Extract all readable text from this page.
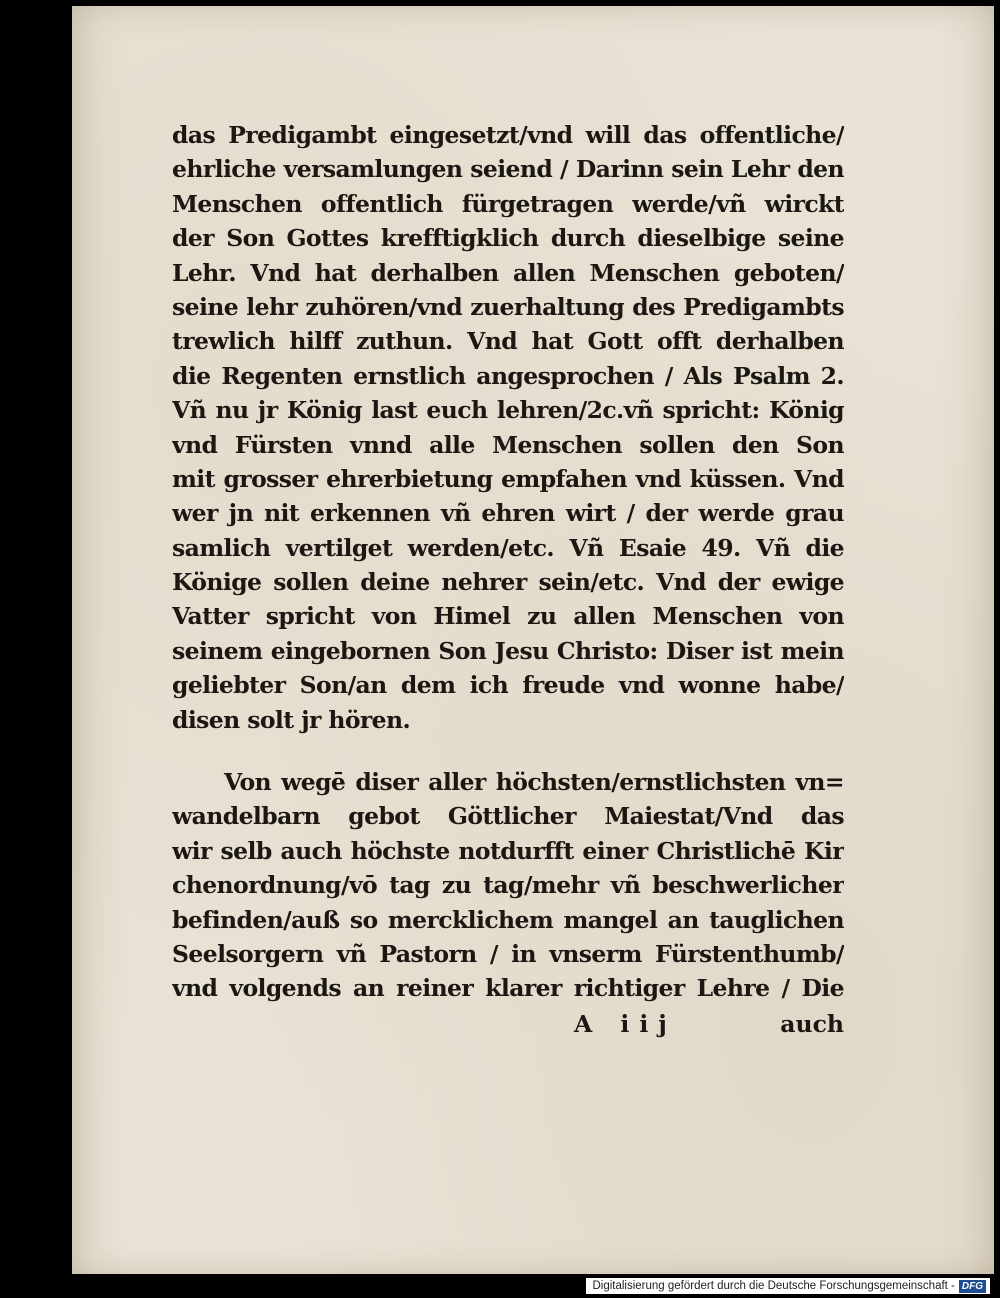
das Predigambt eingesetzt/vnd will das offentliche/
ehrliche versamlungen seiend / Darinn sein Lehr den
Menschen offentlich fürgetragen werde/vñ wirckt
der Son Gottes krefftigklich durch dieselbige seine
Lehr. Vnd hat derhalben allen Menschen geboten/
seine lehr zuhören/vnd zuerhaltung des Predigambts
trewlich hilff zuthun. Vnd hat Gott offt derhalben
die Regenten ernstlich angesprochen / Als Psalm 2.
Vñ nu jr König last euch lehren/2c.vñ spricht: König
vnd Fürsten vnnd alle Menschen sollen den Son
mit grosser ehrerbietung empfahen vnd küssen. Vnd
wer jn nit erkennen vñ ehren wirt / der werde grau
samlich vertilget werden/etc. Vñ Esaie 49. Vñ die
Könige sollen deine nehrer sein/etc. Vnd der ewige
Vatter spricht von Himel zu allen Menschen von
seinem eingebornen Son Jesu Christo: Diser ist mein
geliebter Son/an dem ich freude vnd wonne habe/
disen solt jr hören.
Von wegē diser aller höchsten/ernstlichsten vn=
wandelbarn gebot Göttlicher Maiestat/Vnd das
wir selb auch höchste notdurfft einer Christlichē Kir
chenordnung/vō tag zu tag/mehr vñ beschwerlicher
befinden/auß so mercklichem mangel an tauglichen
Seelsorgern vñ Pastorn / in vnserm Fürstenthumb/
vnd volgends an reiner klarer richtiger Lehre / Die
A iij	auch
Digitalisierung gefördert durch die Deutsche Forschungsgemeinschaft - DFG
